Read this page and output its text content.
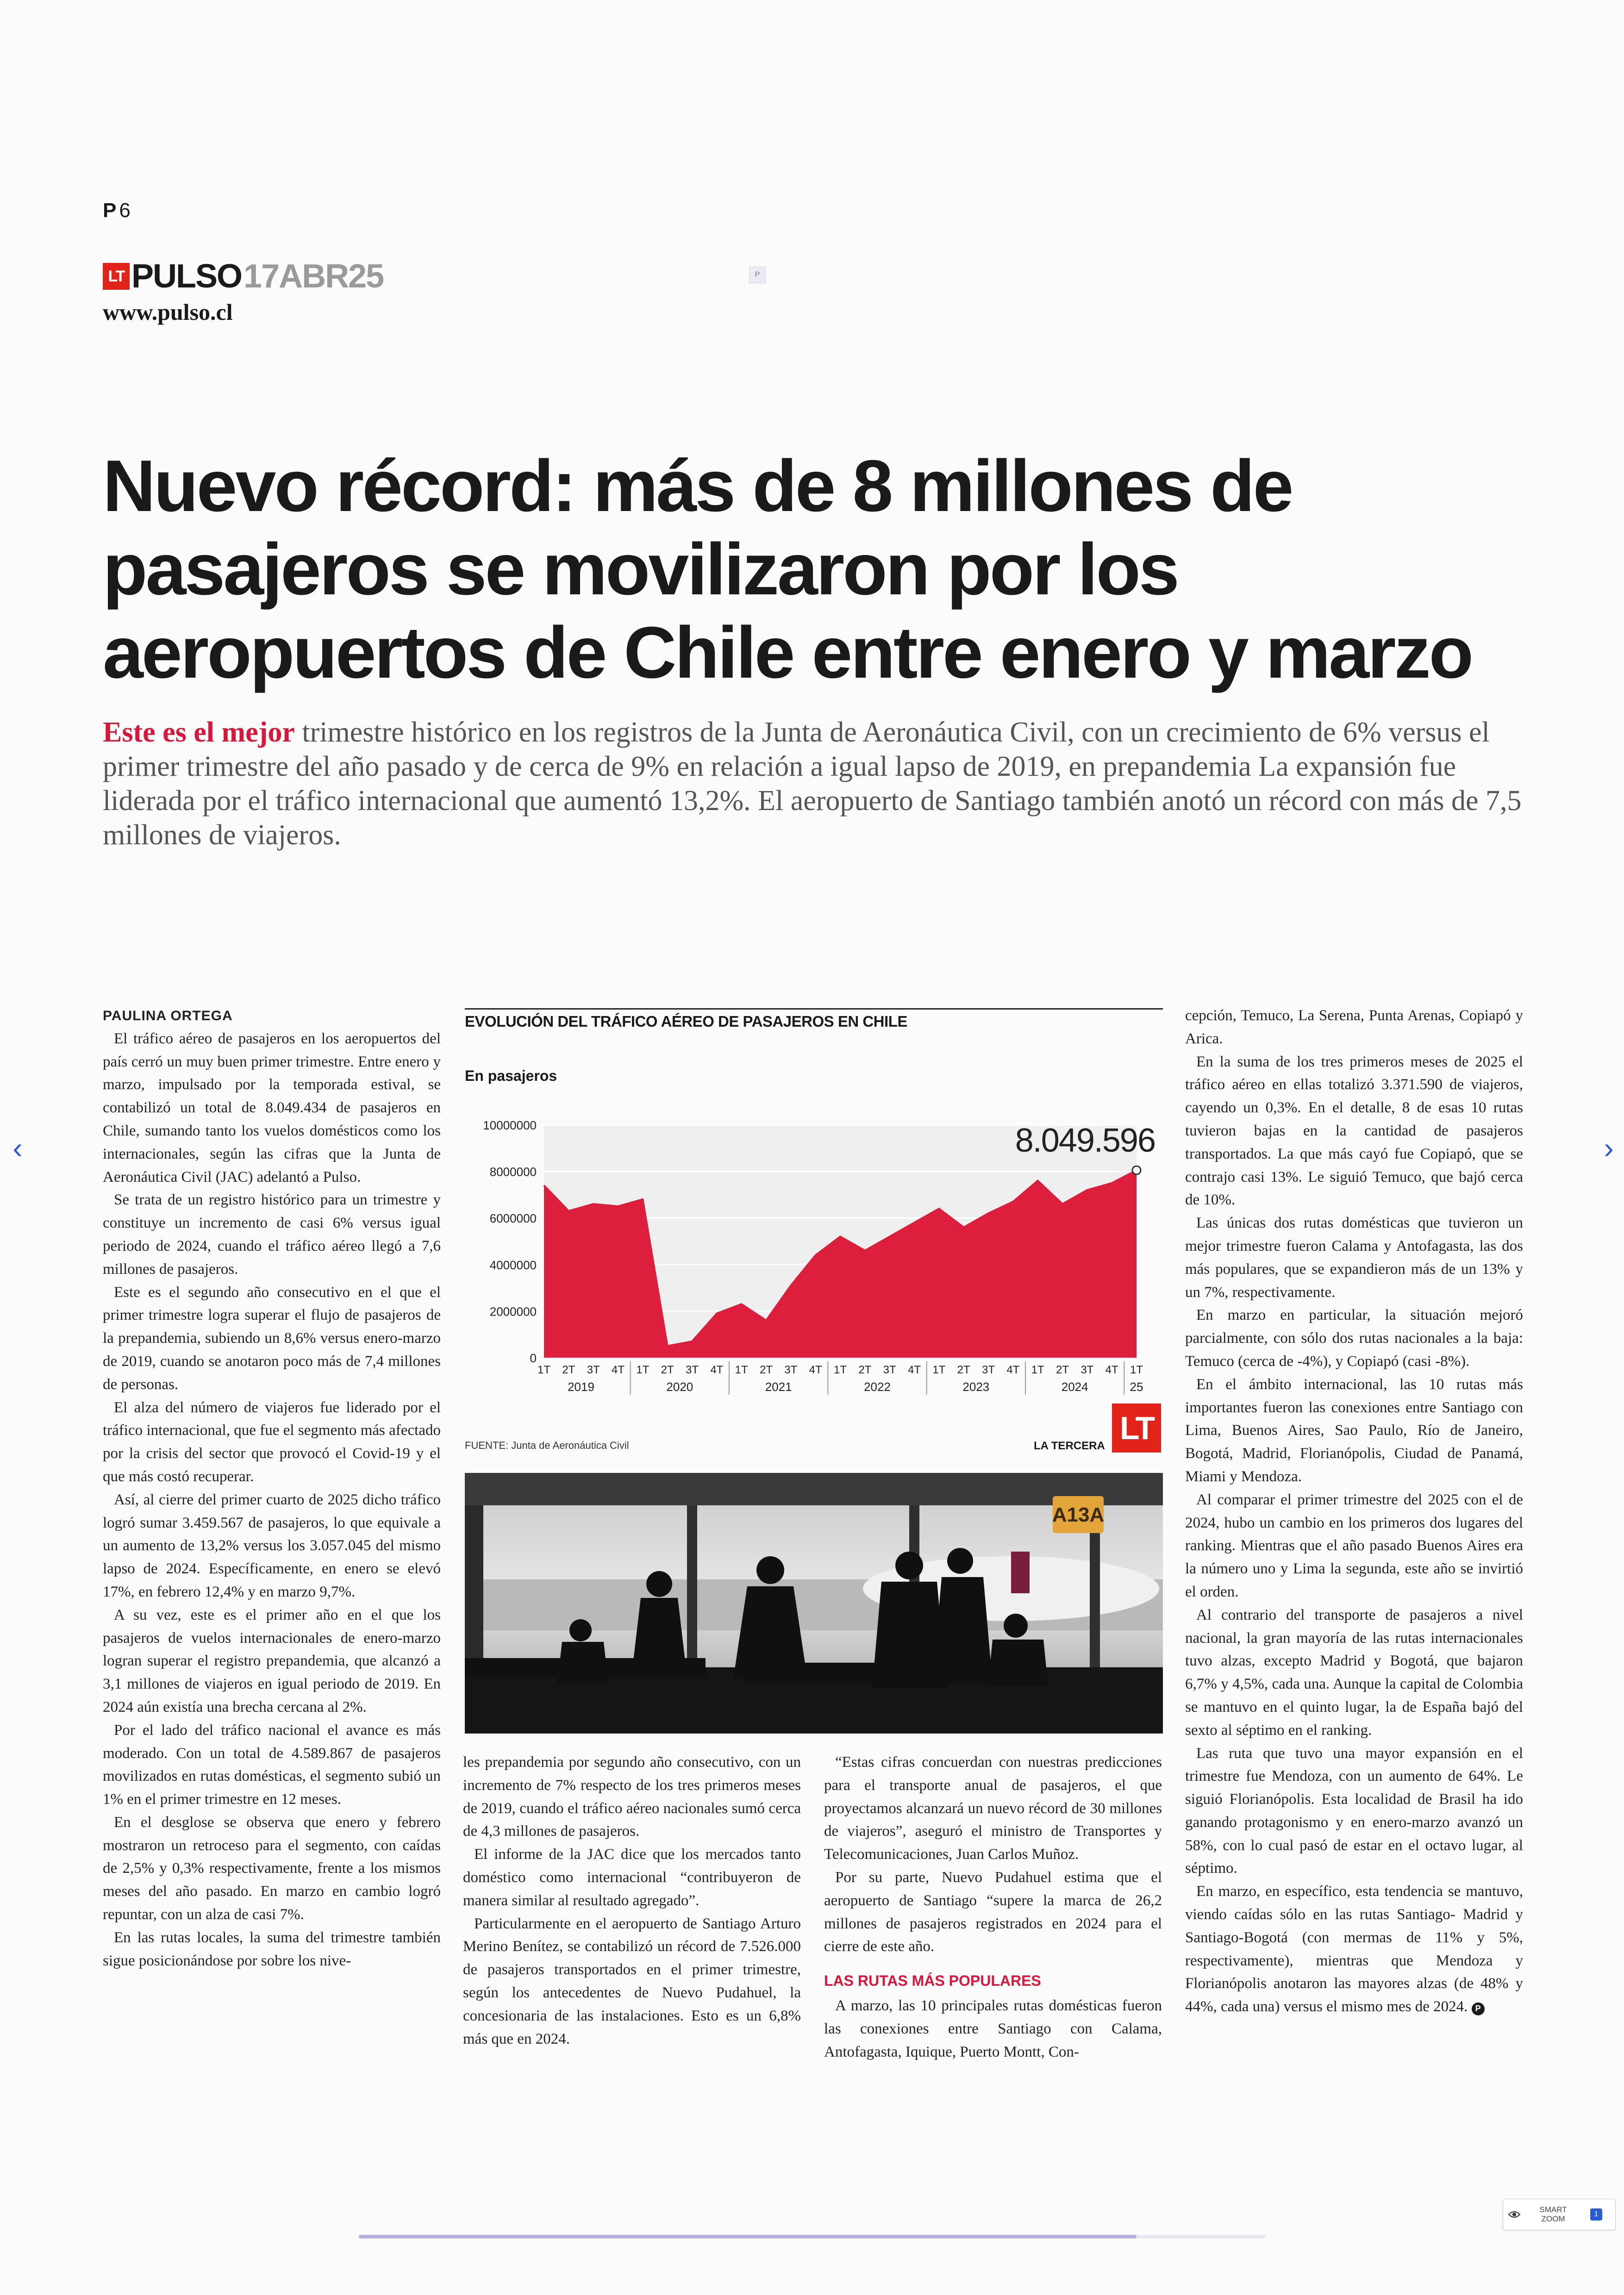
P 6
LT PULSO 17ABR25
www.pulso.cl
P
Nuevo récord: más de 8 millones de pasajeros se movilizaron por los aeropuertos de Chile entre enero y marzo
Este es el mejor trimestre histórico en los registros de la Junta de Aeronáutica Civil, con un crecimiento de 6% versus el primer trimestre del año pasado y de cerca de 9% en relación a igual lapso de 2019, en prepandemia La expansión fue liderada por el tráfico internacional que aumentó 13,2%. El aeropuerto de Santiago también anotó un récord con más de 7,5 millones de viajeros.

PAULINA ORTEGA

El tráfico aéreo de pasajeros en los aeropuertos del país cerró un muy buen primer trimestre. Entre enero y marzo, impulsado por la temporada estival, se contabilizó un total de 8.049.434 de pasajeros en Chile, sumando tanto los vuelos domésticos como los internacionales, según las cifras que la Junta de Aeronáutica Civil (JAC) adelantó a Pulso.

Se trata de un registro histórico para un trimestre y constituye un incremento de casi 6% versus igual periodo de 2024, cuando el tráfico aéreo llegó a 7,6 millones de pasajeros.

Este es el segundo año consecutivo en el que el primer trimestre logra superar el flujo de pasajeros de la prepandemia, subiendo un 8,6% versus enero-marzo de 2019, cuando se anotaron poco más de 7,4 millones de personas.

El alza del número de viajeros fue liderado por el tráfico internacional, que fue el segmento más afectado por la crisis del sector que provocó el Covid-19 y el que más costó recuperar.

Así, al cierre del primer cuarto de 2025 dicho tráfico logró sumar 3.459.567 de pasajeros, lo que equivale a un aumento de 13,2% versus los 3.057.045 del mismo lapso de 2024. Específicamente, en enero se elevó 17%, en febrero 12,4% y en marzo 9,7%.

A su vez, este es el primer año en el que los pasajeros de vuelos internacionales de enero-marzo logran superar el registro prepandemia, que alcanzó a 3,1 millones de viajeros en igual periodo de 2019. En 2024 aún existía una brecha cercana al 2%.

Por el lado del tráfico nacional el avance es más moderado. Con un total de 4.589.867 de pasajeros movilizados en rutas domésticas, el segmento subió un 1% en el primer trimestre en 12 meses.

En el desglose se observa que enero y febrero mostraron un retroceso para el segmento, con caídas de 2,5% y 0,3% respectivamente, frente a los mismos meses del año pasado. En marzo en cambio logró repuntar, con un alza de casi 7%.

En las rutas locales, la suma del trimestre también sigue posicionándose por sobre los nive-

EVOLUCIÓN DEL TRÁFICO AÉREO DE PASAJEROS EN CHILE
En pasajeros
0
2000000
4000000
6000000
8000000
10000000	8.049.596
1T 2T 3T 4T 1T 2T 3T 4T 1T 2T 3T 4T 1T 2T 3T 4T 1T 2T 3T 4T 1T 2T 3T 4T 1T
2019	2020	2021	2022	2023	2024	25
FUENTE: Junta de Aeronáutica Civil	LA TERCERA LT
A13A

les prepandemia por segundo año consecutivo, con un incremento de 7% respecto de los tres primeros meses de 2019, cuando el tráfico aéreo nacionales sumó cerca de 4,3 millones de pasajeros.

El informe de la JAC dice que los mercados tanto doméstico como internacional “contribuyeron de manera similar al resultado agregado”.

Particularmente en el aeropuerto de Santiago Arturo Merino Benítez, se contabilizó un récord de 7.526.000 de pasajeros transportados en el primer trimestre, según los antecedentes de Nuevo Pudahuel, la concesionaria de las instalaciones. Esto es un 6,8% más que en 2024.

“Estas cifras concuerdan con nuestras predicciones para el transporte anual de pasajeros, el que proyectamos alcanzará un nuevo récord de 30 millones de viajeros”, aseguró el ministro de Transportes y Telecomunicaciones, Juan Carlos Muñoz.

Por su parte, Nuevo Pudahuel estima que el aeropuerto de Santiago “supere la marca de 26,2 millones de pasajeros registrados en 2024 para el cierre de este año.

LAS RUTAS MÁS POPULARES

A marzo, las 10 principales rutas domésticas fueron las conexiones entre Santiago con Calama, Antofagasta, Iquique, Puerto Montt, Con-

cepción, Temuco, La Serena, Punta Arenas, Copiapó y Arica.

En la suma de los tres primeros meses de 2025 el tráfico aéreo en ellas totalizó 3.371.590 de viajeros, cayendo un 0,3%. En el detalle, 8 de esas 10 rutas tuvieron bajas en la cantidad de pasajeros transportados. La que más cayó fue Copiapó, que se contrajo casi 13%. Le siguió Temuco, que bajó cerca de 10%.

Las únicas dos rutas domésticas que tuvieron un mejor trimestre fueron Calama y Antofagasta, las dos más populares, que se expandieron más de un 13% y un 7%, respectivamente.

En marzo en particular, la situación mejoró parcialmente, con sólo dos rutas nacionales a la baja: Temuco (cerca de -4%), y Copiapó (casi -8%).

En el ámbito internacional, las 10 rutas más importantes fueron las conexiones entre Santiago con Lima, Buenos Aires, Sao Paulo, Río de Janeiro, Bogotá, Madrid, Florianópolis, Ciudad de Panamá, Miami y Mendoza.

Al comparar el primer trimestre del 2025 con el de 2024, hubo un cambio en los primeros dos lugares del ranking. Mientras que el año pasado Buenos Aires era la número uno y Lima la segunda, este año se invirtió el orden.

Al contrario del transporte de pasajeros a nivel nacional, la gran mayoría de las rutas internacionales tuvo alzas, excepto Madrid y Bogotá, que bajaron 6,7% y 4,5%, cada una. Aunque la capital de Colombia se mantuvo en el quinto lugar, la de España bajó del sexto al séptimo en el ranking.

Las ruta que tuvo una mayor expansión en el trimestre fue Mendoza, con un aumento de 64%. Le siguió Florianópolis. Esta localidad de Brasil ha ido ganando protagonismo y en enero-marzo avanzó un 58%, con lo cual pasó de estar en el octavo lugar, al séptimo.

En marzo, en específico, esta tendencia se mantuvo, viendo caídas sólo en las rutas Santiago- Madrid y Santiago-Bogotá (con mermas de 11% y 5%, respectivamente), mientras que Mendoza y Florianópolis anotaron las mayores alzas (de 48% y 44%, cada una) versus el mismo mes de 2024. P

‹	›
SMART
ZOOM
1
